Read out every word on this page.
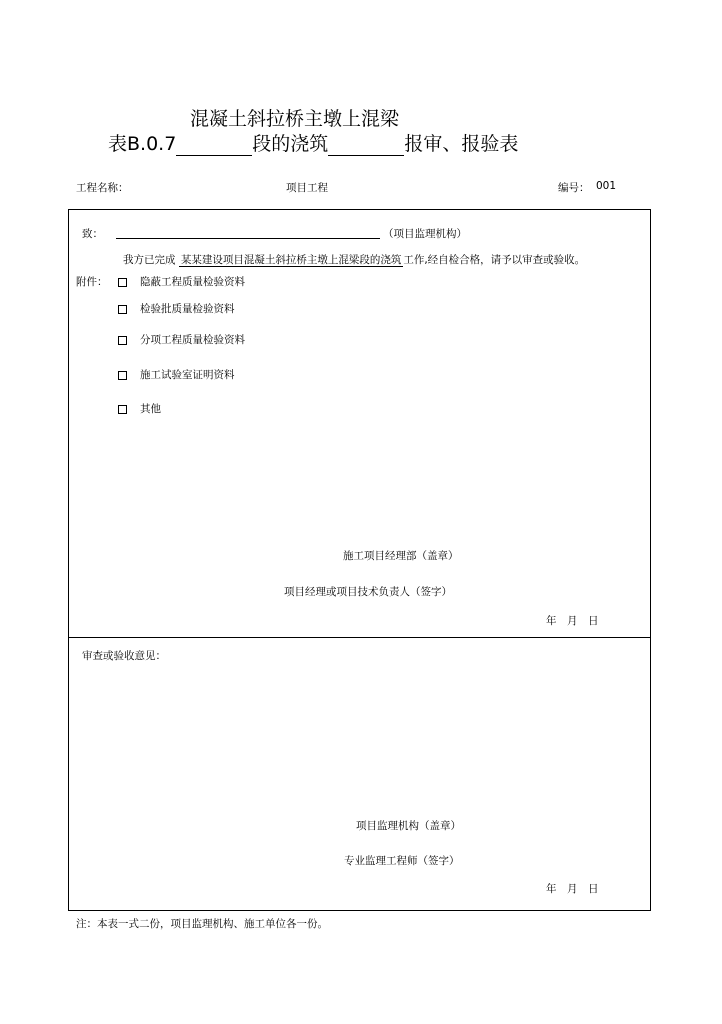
混凝土斜拉桥主墩上混梁
表B.0.7	段的浇筑	报审、报验表
工程名称：	项目工程	编号： 001
致：	（项目监理机构）
我方已完成 某某建设项目混凝土斜拉桥主墩上混梁段的浇筑 工作,经自检合格，请予以审查或验收。
附件：	隐蔽工程质量检验资料
检验批质量检验资料
分项工程质量检验资料
施工试验室证明资料
其他
施工项目经理部（盖章）
项目经理或项目技术负责人（签字）
年　月　日
审查或验收意见：
项目监理机构（盖章）
专业监理工程师（签字）
年　月　日
注：本表一式二份，项目监理机构、施工单位各一份。
